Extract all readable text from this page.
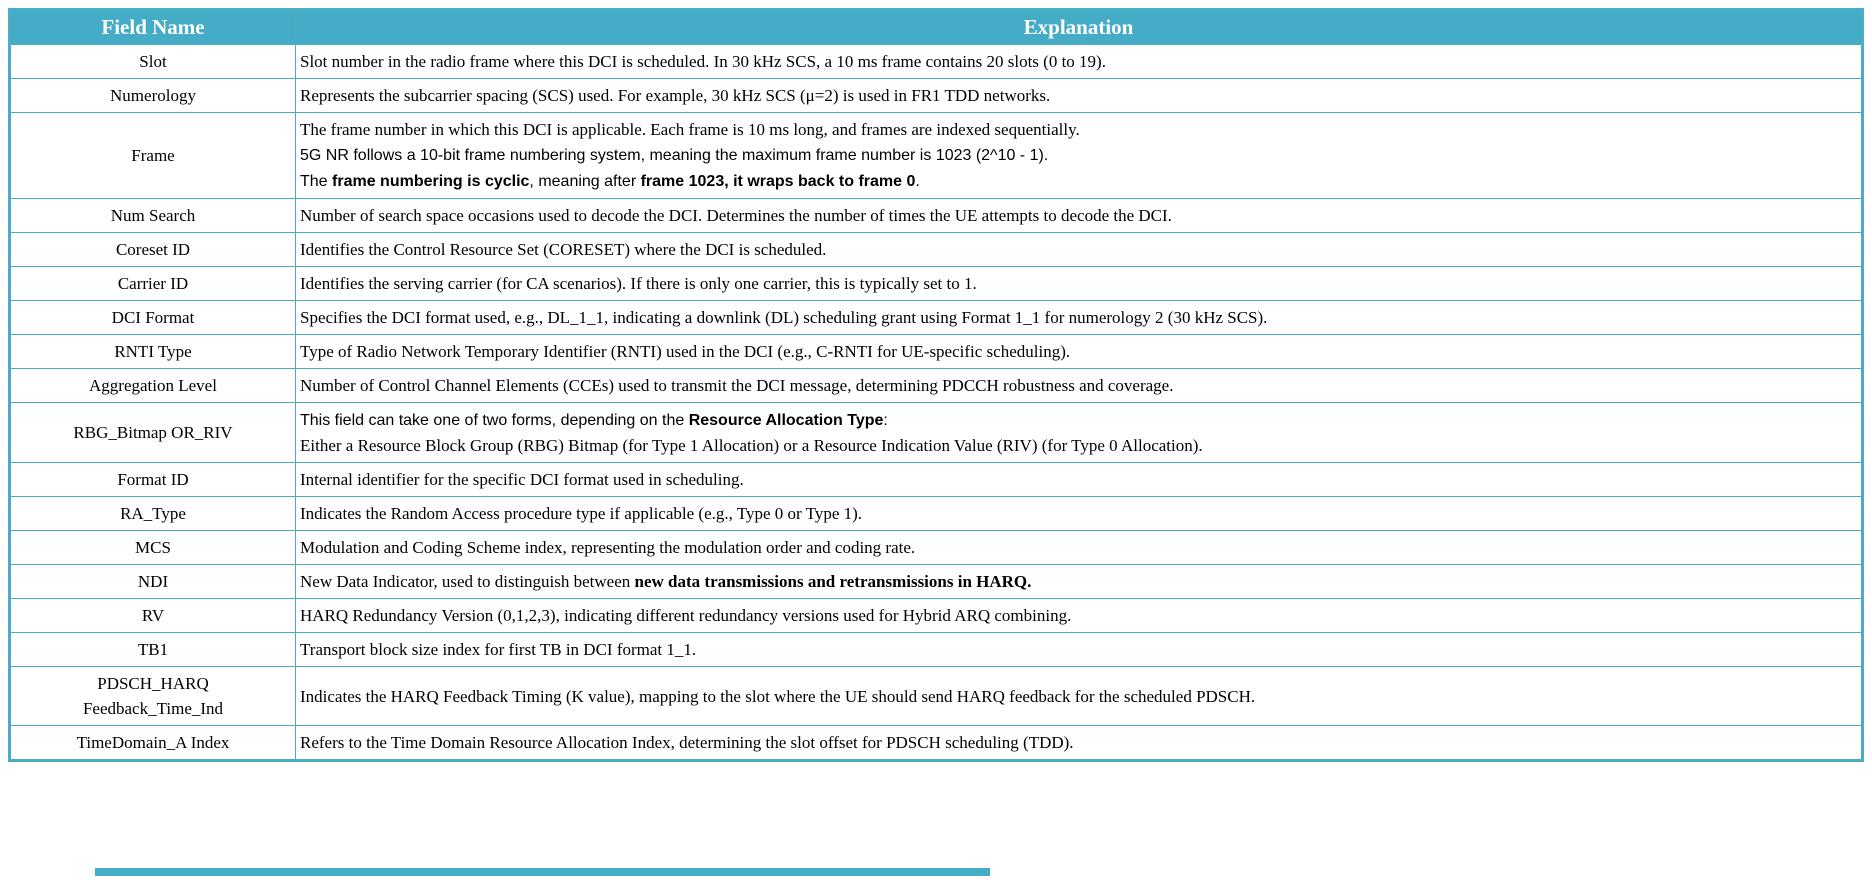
Field Name	Explanation
Slot	Slot number in the radio frame where this DCI is scheduled. In 30 kHz SCS, a 10 ms frame contains 20 slots (0 to 19).

Numerology	Represents the subcarrier spacing (SCS) used. For example, 30 kHz SCS (μ=2) is used in FR1 TDD networks.

Frame	The frame number in which this DCI is applicable. Each frame is 10 ms long, and frames are indexed sequentially.
5G NR follows a 10-bit frame numbering system, meaning the maximum frame number is 1023 (2^10 - 1).
The frame numbering is cyclic, meaning after frame 1023, it wraps back to frame 0.

Num Search	Number of search space occasions used to decode the DCI. Determines the number of times the UE attempts to decode the DCI.

Coreset ID	Identifies the Control Resource Set (CORESET) where the DCI is scheduled.

Carrier ID	Identifies the serving carrier (for CA scenarios). If there is only one carrier, this is typically set to 1.

DCI Format	Specifies the DCI format used, e.g., DL_1_1, indicating a downlink (DL) scheduling grant using Format 1_1 for numerology 2 (30 kHz SCS).

RNTI Type	Type of Radio Network Temporary Identifier (RNTI) used in the DCI (e.g., C-RNTI for UE-specific scheduling).

Aggregation Level	Number of Control Channel Elements (CCEs) used to transmit the DCI message, determining PDCCH robustness and coverage.

RBG_Bitmap OR_RIV	This field can take one of two forms, depending on the Resource Allocation Type:
Either a Resource Block Group (RBG) Bitmap (for Type 1 Allocation) or a Resource Indication Value (RIV) (for Type 0 Allocation).

Format ID	Internal identifier for the specific DCI format used in scheduling.

RA_Type	Indicates the Random Access procedure type if applicable (e.g., Type 0 or Type 1).

MCS	Modulation and Coding Scheme index, representing the modulation order and coding rate.

NDI	New Data Indicator, used to distinguish between new data transmissions and retransmissions in HARQ.

RV	HARQ Redundancy Version (0,1,2,3), indicating different redundancy versions used for Hybrid ARQ combining.

TB1	Transport block size index for first TB in DCI format 1_1.

PDSCH_HARQ
Feedback_Time_Ind	Indicates the HARQ Feedback Timing (K value), mapping to the slot where the UE should send HARQ feedback for the scheduled PDSCH.

TimeDomain_A Index	Refers to the Time Domain Resource Allocation Index, determining the slot offset for PDSCH scheduling (TDD).
